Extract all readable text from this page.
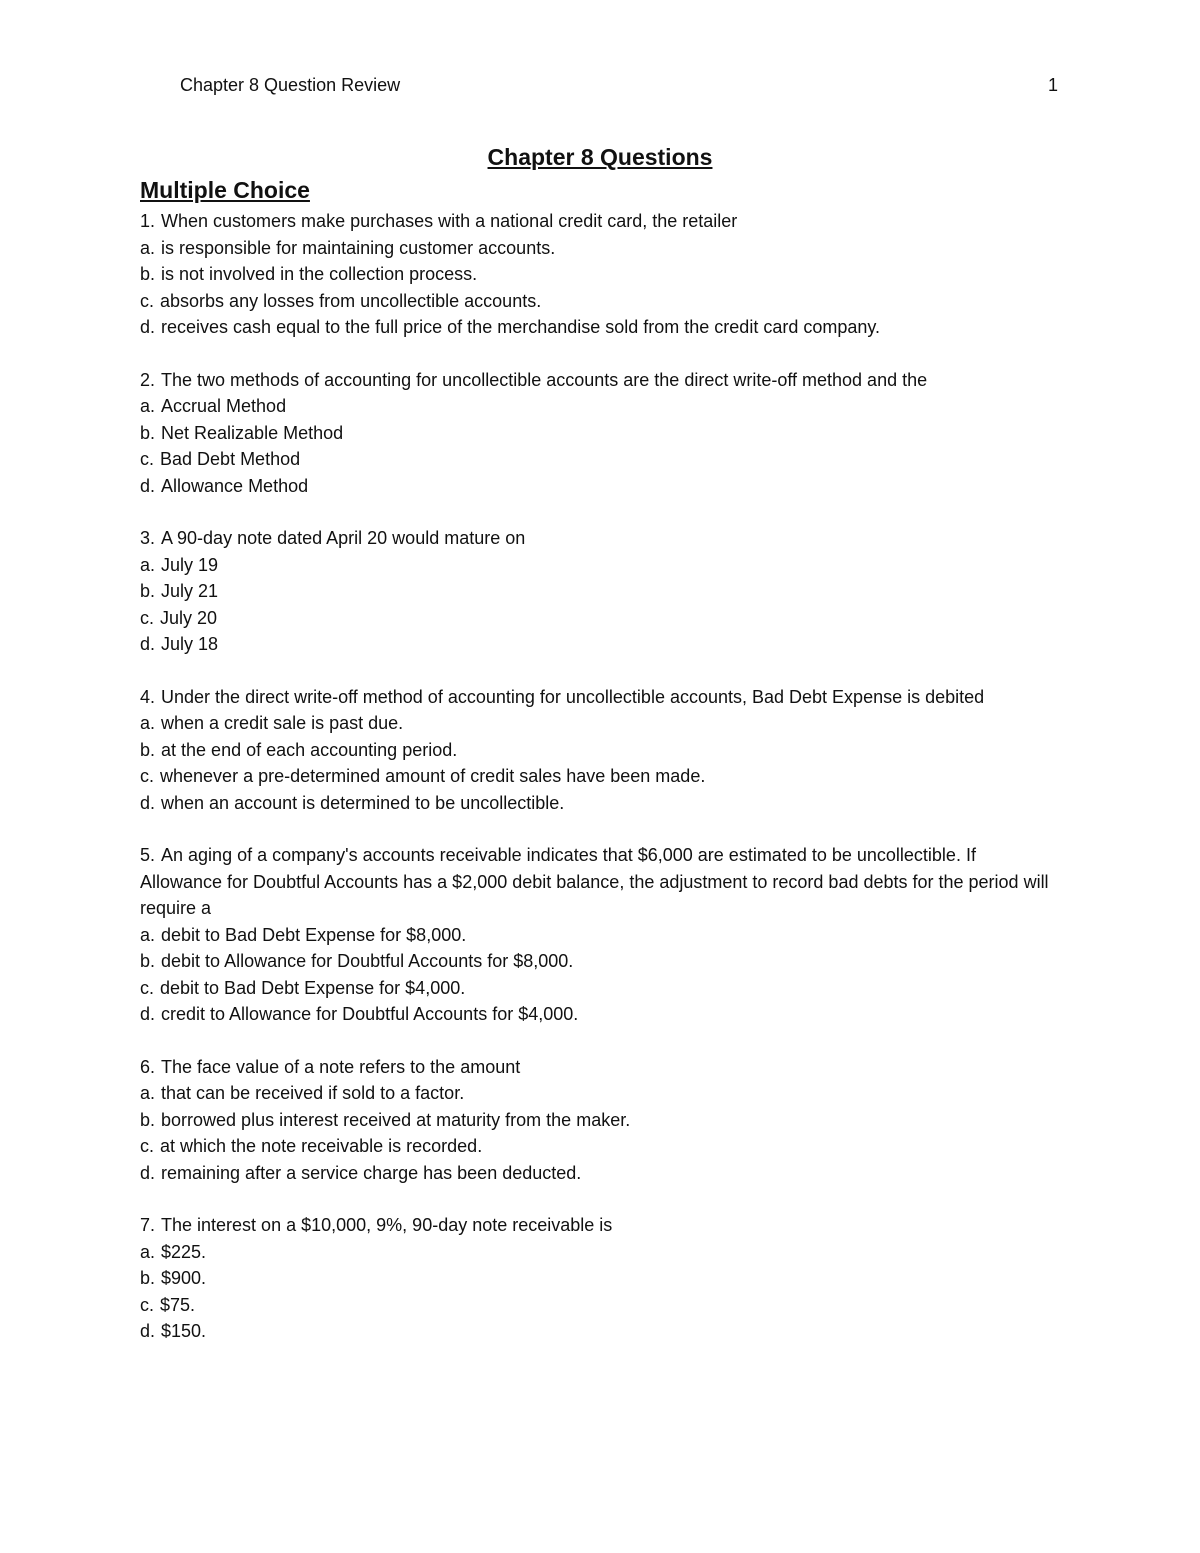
Chapter 8 Question Review	1
Chapter 8 Questions
Multiple Choice

1. When customers make purchases with a national credit card, the retailer

a. is responsible for maintaining customer accounts.
b. is not involved in the collection process.
c. absorbs any losses from uncollectible accounts.
d. receives cash equal to the full price of the merchandise sold from the credit card company.

2. The two methods of accounting for uncollectible accounts are the direct write-off method and the

a. Accrual Method
b. Net Realizable Method
c. Bad Debt Method
d. Allowance Method

3. A 90-day note dated April 20 would mature on

a. July 19
b. July 21
c. July 20
d. July 18

4. Under the direct write-off method of accounting for uncollectible accounts, Bad Debt Expense is debited

a. when a credit sale is past due.
b. at the end of each accounting period.
c. whenever a pre-determined amount of credit sales have been made.
d. when an account is determined to be uncollectible.

5. An aging of a company's accounts receivable indicates that $6,000 are estimated to be uncollectible. If Allowance for Doubtful Accounts has a $2,000 debit balance, the adjustment to record bad debts for the period will require a

a. debit to Bad Debt Expense for $8,000.
b. debit to Allowance for Doubtful Accounts for $8,000.
c. debit to Bad Debt Expense for $4,000.
d. credit to Allowance for Doubtful Accounts for $4,000.

6. The face value of a note refers to the amount

a. that can be received if sold to a factor.
b. borrowed plus interest received at maturity from the maker.
c. at which the note receivable is recorded.
d. remaining after a service charge has been deducted.

7. The interest on a $10,000, 9%, 90-day note receivable is

a. $225.
b. $900.
c. $75.
d. $150.
